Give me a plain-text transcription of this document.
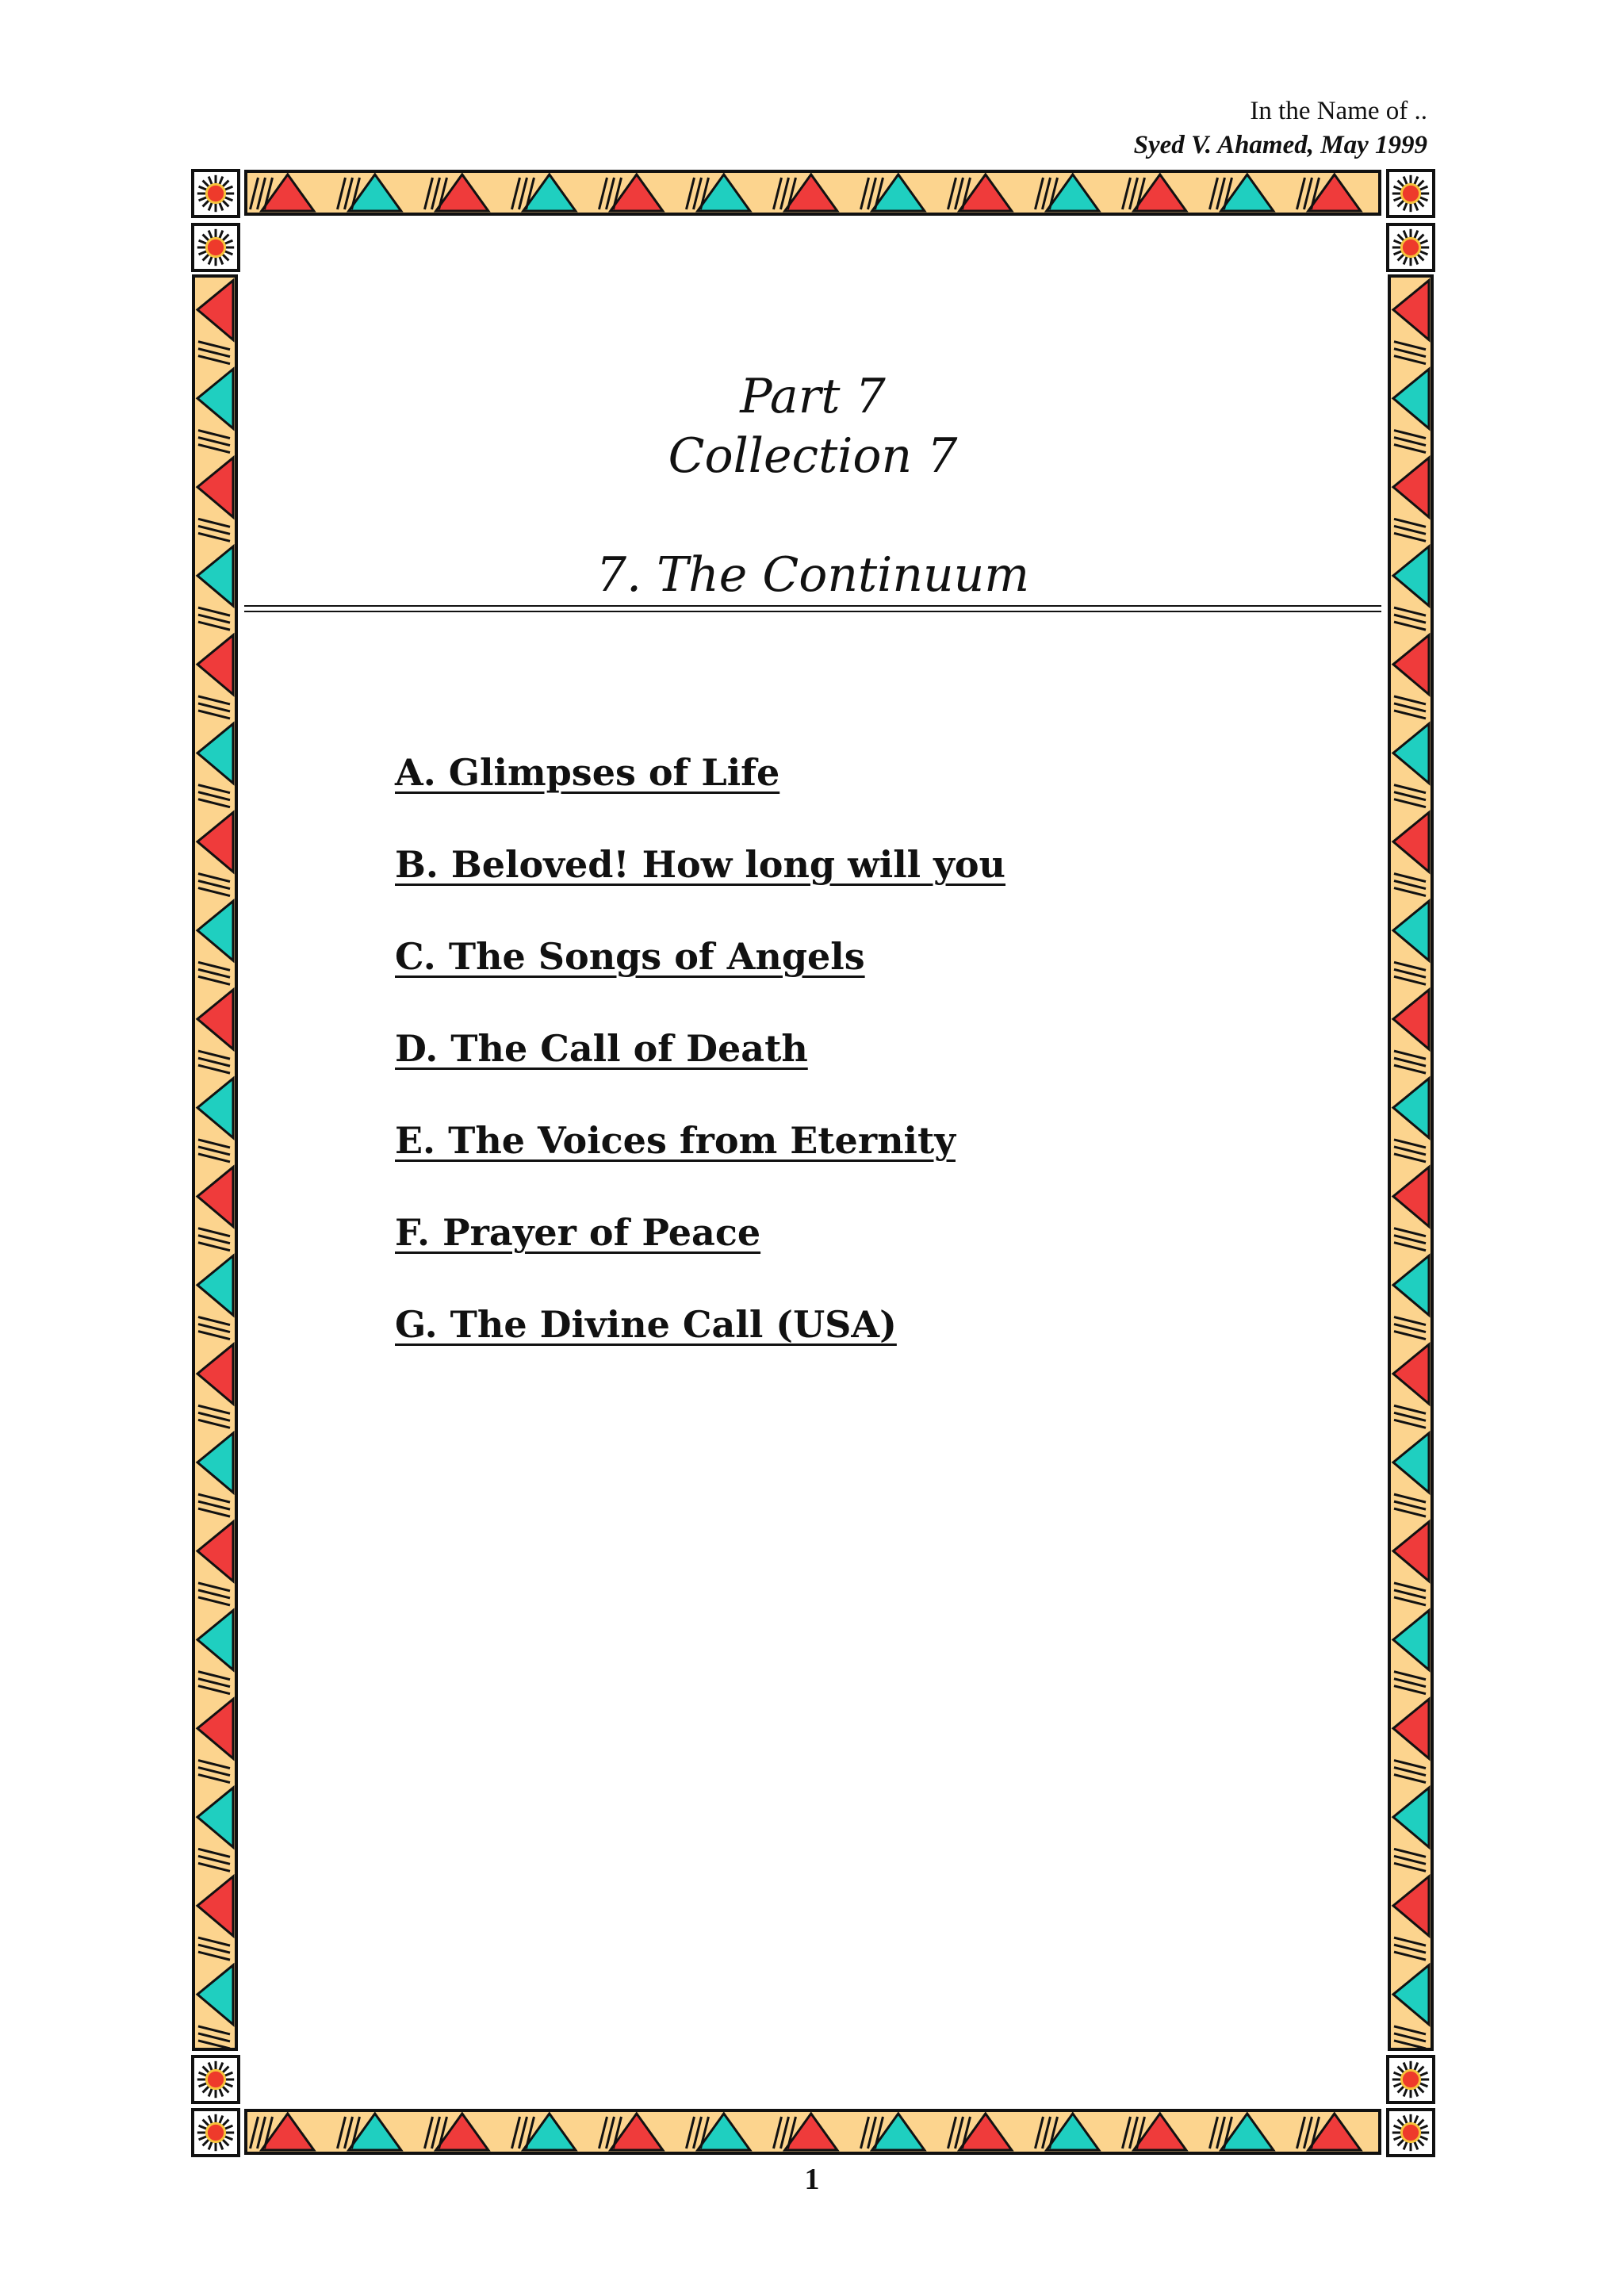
In the Name of ..
Syed V. Ahamed, May 1999
Part 7
Collection 7
7. The Continuum
A. Glimpses of Life
B. Beloved! How long will you
C. The Songs of Angels
D. The Call of Death
E. The Voices from Eternity
F. Prayer of Peace
G. The Divine Call (USA)
1
